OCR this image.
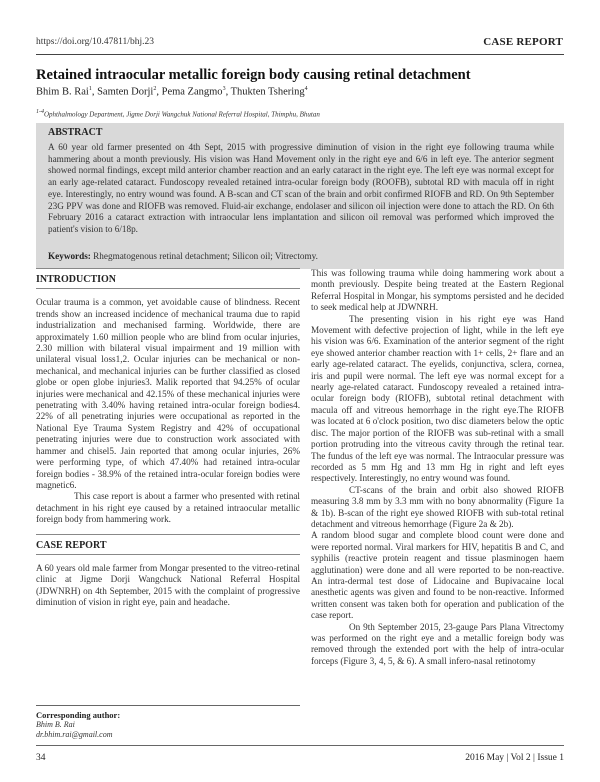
https://doi.org/10.47811/bhj.23	CASE REPORT
Retained intraocular metallic foreign body causing retinal detachment
Bhim B. Rai$^1$, Samten Dorji$^2$, Pema Zangmo$^3$, Thukten Tshering$^4$
$^{1-4}$Ophthalmology Department, Jigme Dorji Wangchuk National Referral Hospital, Thimphu, Bhutan
ABSTRACT
A 60 year old farmer presented on 4th Sept, 2015 with progressive diminution of vision in the right eye following trauma while hammering about a month previously. His vision was Hand Movement only in the right eye and 6/6 in left eye. The anterior segment showed normal findings, except mild anterior chamber reaction and an early cataract in the right eye. The left eye was normal except for an early age-related cataract. Fundoscopy revealed retained intra-ocular foreign body (ROOFB), subtotal RD with macula off in right eye. Interestingly, no entry wound was found. A B-scan and CT scan of the brain and orbit confirmed RIOFB and RD. On 9th September 23G PPV was done and RIOFB was removed. Fluid-air exchange, endolaser and silicon oil injection were done to attach the RD. On 6th February 2016 a cataract extraction with intraocular lens implantation and silicon oil removal was performed which improved the patient's vision to 6/18p.
Keywords: Rhegmatogenous retinal detachment; Silicon oil; Vitrectomy.
INTRODUCTION

Ocular trauma is a common, yet avoidable cause of blindness. Recent trends show an increased incidence of mechanical trauma due to rapid industrialization and mechanised farming. Worldwide, there are approximately 1.60 million people who are blind from ocular injuries, 2.30 million with bilateral visual impairment and 19 million with unilateral visual loss1,2. Ocular injuries can be mechanical or non-mechanical, and mechanical injuries can be further classified as closed globe or open globe injuries3. Malik reported that 94.25% of ocular injuries were mechanical and 42.15% of these mechanical injuries were penetrating with 3.40% having retained intra-ocular foreign bodies4. 22% of all penetrating injuries were occupational as reported in the National Eye Trauma System Registry and 42% of occupational penetrating injuries were due to construction work associated with hammer and chisel5. Jain reported that among ocular injuries, 26% were performing type, of which 47.40% had retained intra-ocular foreign bodies - 38.9% of the retained intra-ocular foreign bodies were magnetic6.

This case report is about a farmer who presented with retinal detachment in his right eye caused by a retained intraocular metallic foreign body from hammering work.

CASE REPORT

A 60 years old male farmer from Mongar presented to the vitreo-retinal clinic at Jigme Dorji Wangchuck National Referral Hospital (JDWNRH) on 4th September, 2015 with the complaint of progressive diminution of vision in right eye, pain and headache.

Corresponding author:
Bhim B. Rai
dr.bhim.rai@gmail.com

This was following trauma while doing hammering work about a month previously. Despite being treated at the Eastern Regional Referral Hospital in Mongar, his symptoms persisted and he decided to seek medical help at JDWNRH.

The presenting vision in his right eye was Hand Movement with defective projection of light, while in the left eye his vision was 6/6. Examination of the anterior segment of the right eye showed anterior chamber reaction with 1+ cells, 2+ flare and an early age-related cataract. The eyelids, conjunctiva, sclera, cornea, iris and pupil were normal. The left eye was normal except for a nearly age-related cataract. Fundoscopy revealed a retained intra-ocular foreign body (RIOFB), subtotal retinal detachment with macula off and vitreous hemorrhage in the right eye.The RIOFB was located at 6 o'clock position, two disc diameters below the optic disc. The major portion of the RIOFB was sub-retinal with a small portion protruding into the vitreous cavity through the retinal tear. The fundus of the left eye was normal. The Intraocular pressure was recorded as 5 mm Hg and 13 mm Hg in right and left eyes respectively. Interestingly, no entry wound was found.

CT-scans of the brain and orbit also showed RIOFB measuring 3.8 mm by 3.3 mm with no bony abnormality (Figure 1a & 1b). B-scan of the right eye showed RIOFB with sub-total retinal detachment and vitreous hemorrhage (Figure 2a & 2b).

A random blood sugar and complete blood count were done and were reported normal. Viral markers for HIV, hepatitis B and C, and syphilis (reactive protein reagent and tissue plasminogen haem agglutination) were done and all were reported to be non-reactive. An intra-dermal test dose of Lidocaine and Bupivacaine local anesthetic agents was given and found to be non-reactive. Informed written consent was taken both for operation and publication of the case report.

On 9th September 2015, 23-gauge Pars Plana Vitrectomy was performed on the right eye and a metallic foreign body was removed through the extended port with the help of intra-ocular forceps (Figure 3, 4, 5, & 6). A small infero-nasal retinotomy

34	2016 May | Vol 2 | Issue 1
